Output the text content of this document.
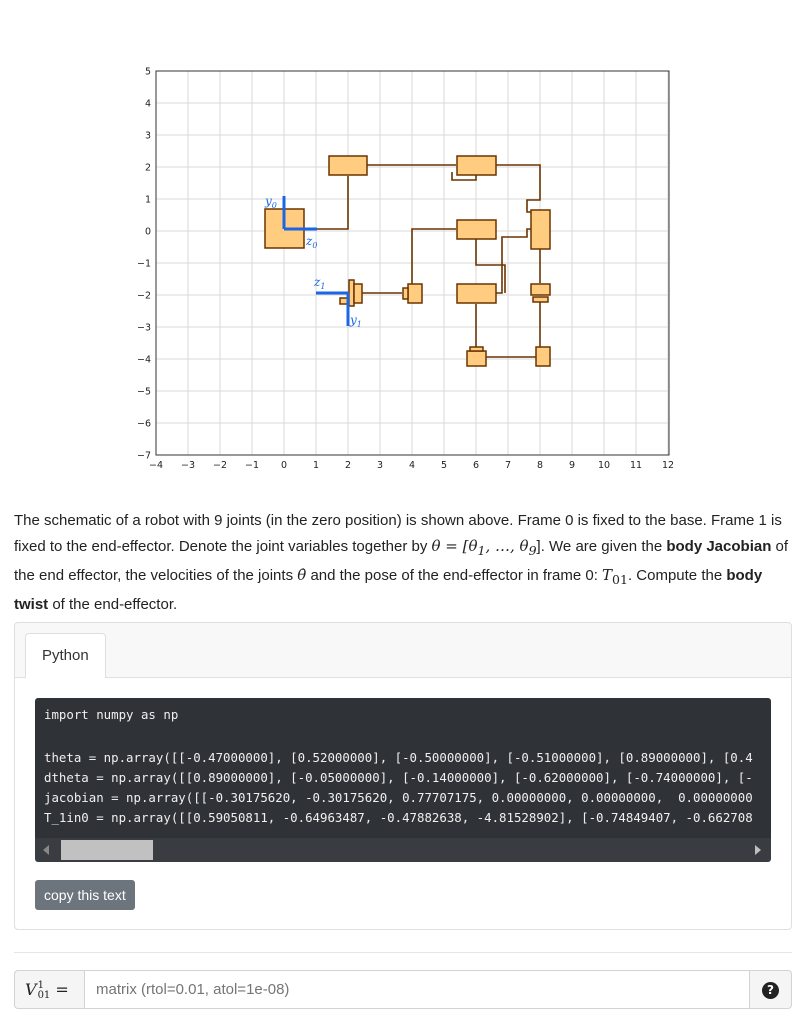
$y_0$
$z_0$
$z_1$
$y_1$
−4 −3 −2 −1 0	1	2	3	4	5	6	7	8	9 10 11 12
5
4
3
2
1
0
−1
−2
−3
−4
−5
−6
−7
The schematic of a robot with 9 joints (in the zero position) is shown above. Frame 0 is fixed to the base. Frame 1 is fixed to the end-effector. Denote the joint variables together by $\theta = [\theta_1$, …, $\theta_9$]. We are given the body Jacobian of the end effector, the velocities of the joints θ̇ and the pose of the end-effector in frame 0: $T_{01}$. Compute the body twist of the end-effector.
Python
import numpy as np
theta = np.array([[-0.47000000], [0.52000000], [-0.50000000], [-0.51000000], [0.89000000], [0.4
dtheta = np.array([[0.89000000], [-0.05000000], [-0.14000000], [-0.62000000], [-0.74000000], [-
jacobian = np.array([[-0.30175620, -0.30175620, 0.77707175, 0.00000000, 0.00000000,  0.00000000
T_1in0 = np.array([[0.59050811, -0.64963487, -0.47882638, -4.81528902], [-0.74849407, -0.662708
copy this text
V 1
01 =
matrix (rtol=0.01, atol=1e-08)	?
